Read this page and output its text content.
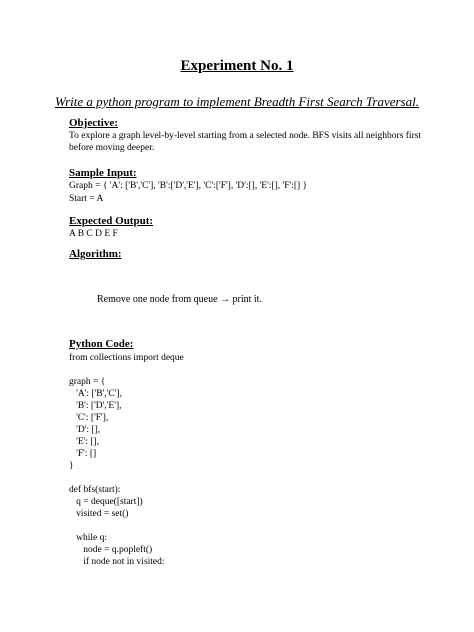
Experiment No. 1
Write a python program to implement Breadth First Search Traversal.
Objective:
To explore a graph level-by-level starting from a selected node. BFS visits all neighbors first
before moving deeper.
Sample Input:
Graph = { 'A': ['B','C'], 'B':['D','E'], 'C':['F'], 'D':[], 'E':[], 'F':[] }
Start = A
Expected Output:
A B C D E F
Algorithm:
Remove one node from queue → print it.
Python Code:
from collections import deque
graph = {
'A': ['B','C'],
'B': ['D','E'],
'C': ['F'],
'D': [],
'E': [],
'F': []
}
def bfs(start):
q = deque([start])
visited = set()
while q:
node = q.popleft()
if node not in visited:
